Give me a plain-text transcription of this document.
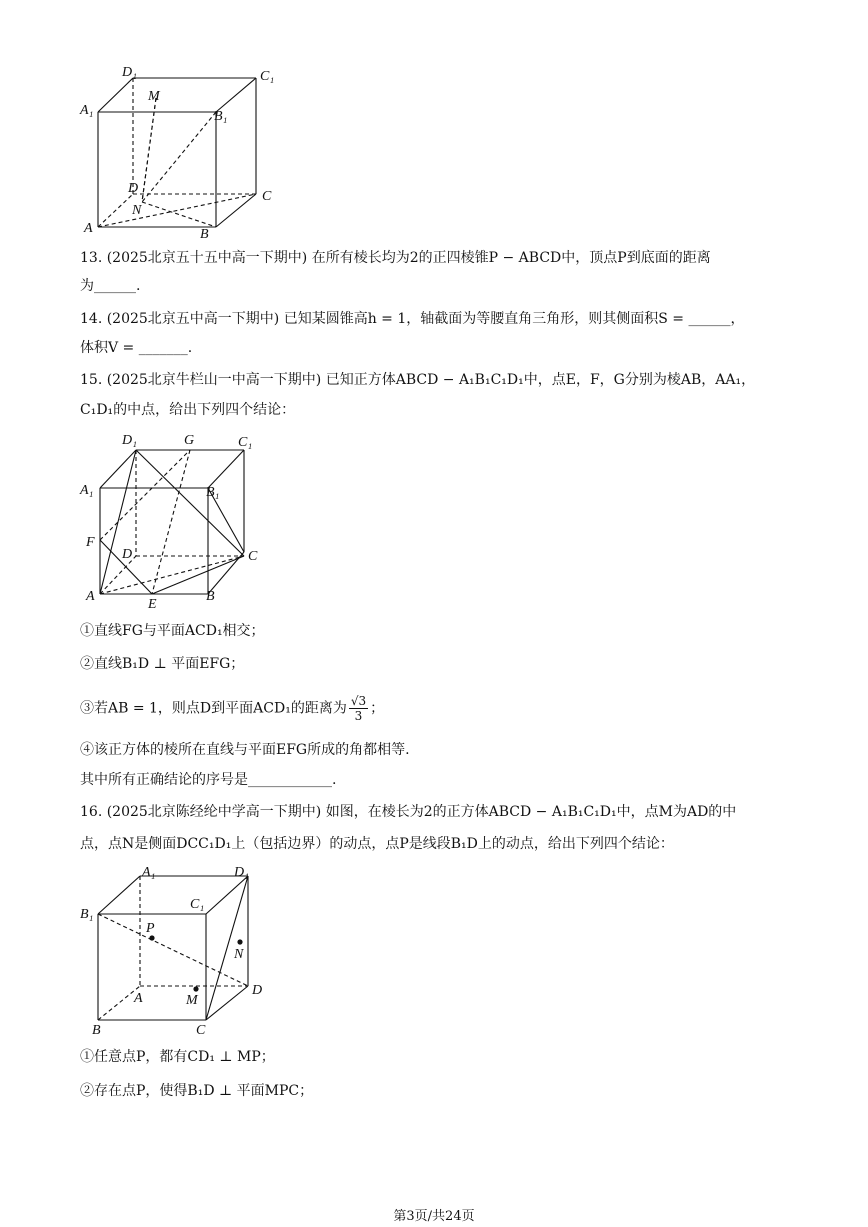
D₁	C₁
M
A₁	B₁
D
C
N
A	B
13. (2025北京五十五中高一下期中) 在所有棱长均为2的正四棱锥P − ABCD中，顶点P到底面的距离
为______.
14. (2025北京五中高一下期中) 已知某圆锥高h = 1，轴截面为等腰直角三角形，则其侧面积S = ______，
体积V = _______.
15. (2025北京牛栏山一中高一下期中) 已知正方体ABCD − A₁B₁C₁D₁中，点E，F，G分别为棱AB，AA₁，
C₁D₁的中点，给出下列四个结论：
D₁	G	C₁
A₁	B₁
F
D	C
A
E
B
①直线FG与平面ACD₁相交；
②直线B₁D ⊥ 平面EFG；
③若AB = 1，则点D到平面ACD₁的距离为 $\frac{√3}{3}$ ；
④该正方体的棱所在直线与平面EFG所成的角都相等.
其中所有正确结论的序号是____________.
16. (2025北京陈经纶中学高一下期中) 如图，在棱长为2的正方体ABCD − A₁B₁C₁D₁中，点M为AD的中
点，点N是侧面DCC₁D₁上（包括边界）的动点，点P是线段B₁D上的动点，给出下列四个结论：
A₁	D₁
B₁
C₁
P
N
A	M
D
B	C
①任意点P，都有CD₁ ⊥ MP；
②存在点P，使得B₁D ⊥ 平面MPC；
第3页/共24页
